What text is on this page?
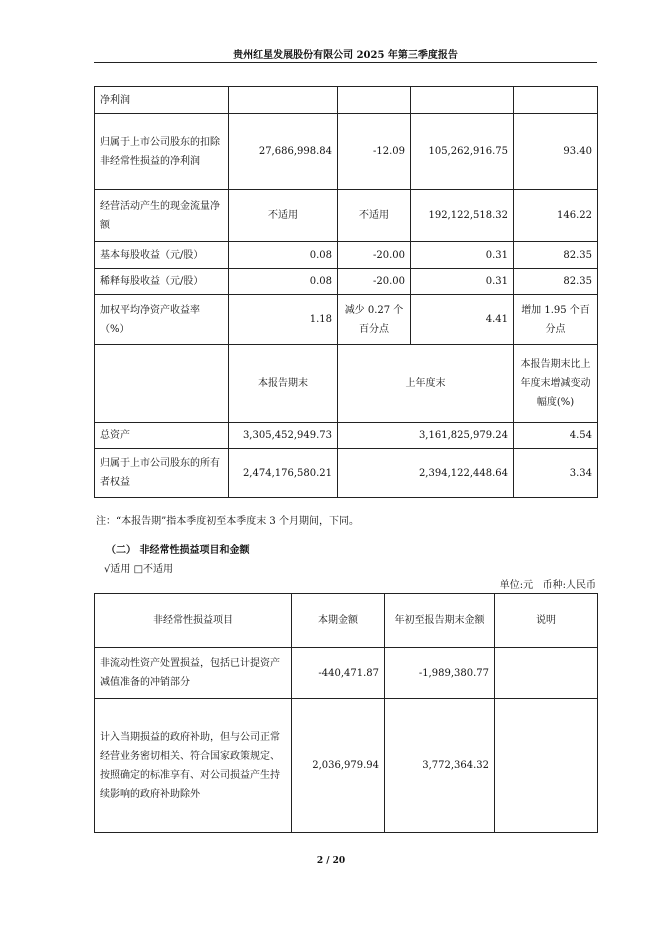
贵州红星发展股份有限公司 2025 年第三季度报告
净利润				
归属于上市公司股东的扣除非经常性损益的净利润	27,686,998.84	-12.09	105,262,916.75	93.40
经营活动产生的现金流量净额	不适用	不适用	192,122,518.32	146.22
基本每股收益（元/股）	0.08	-20.00	0.31	82.35
稀释每股收益（元/股）	0.08	-20.00	0.31	82.35
加权平均净资产收益率（%）	1.18	减少 0.27 个百分点	4.41	增加 1.95 个百分点
	本报告期末	上年度末		本报告期末比上年度末增减变动幅度(%)
总资产	3,305,452,949.73	3,161,825,979.24		4.54
归属于上市公司股东的所有者权益	2,474,176,580.21	2,394,122,448.64		3.34
注：“本报告期”指本季度初至本季度末 3 个月期间，下同。
（二） 非经常性损益项目和金额
√适用 □不适用
单位:元   币种:人民币
非经常性损益项目	本期金额	年初至报告期末金额	说明
非流动性资产处置损益，包括已计提资产减值准备的冲销部分	-440,471.87	-1,989,380.77	
计入当期损益的政府补助，但与公司正常经营业务密切相关、符合国家政策规定、按照确定的标准享有、对公司损益产生持续影响的政府补助除外	2,036,979.94	3,772,364.32	
2 / 20
